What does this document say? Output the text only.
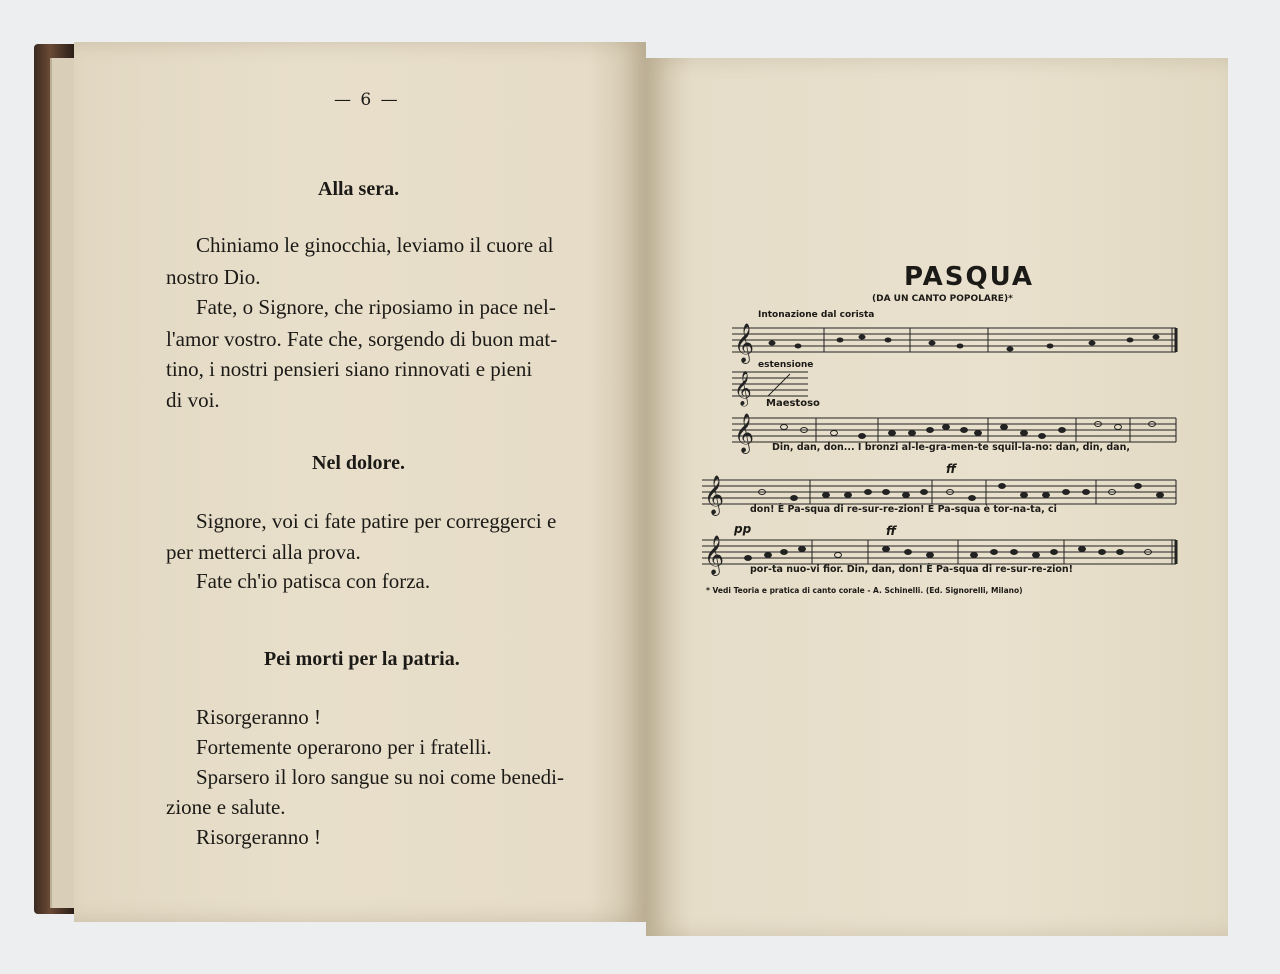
— 6 —
Alla sera.
Chiniamo le ginocchia, leviamo il cuore al
nostro Dio.
Fate, o Signore, che riposiamo in pace nel-
l'amor vostro. Fate che, sorgendo di buon mat-
tino, i nostri pensieri siano rinnovati e pieni
di voi.
Nel dolore.
Signore, voi ci fate patire per correggerci e
per metterci alla prova.
Fate ch'io patisca con forza.
Pei morti per la patria.
Risorgeranno !
Fortemente operarono per i fratelli.
Sparsero il loro sangue su noi come benedi-
zione e salute.
Risorgeranno !
PASQUA
(DA UN CANTO POPOLARE)*
Intonazione dal corista
𝄞
estensione
𝄞 Maestoso
𝄞 Din, dan, don... I bronzi al-le-gra-men-te squil-la-no: dan, din, dan,
ff
𝄞	don! È Pa-squa di re-sur-re-zion! E Pa-squa è tor-na-ta, ci
pp	ff
𝄞	por-ta nuo-vi fior. Din, dan, don! È Pa-squa di re-sur-re-zion!
* Vedi Teoria e pratica di canto corale - A. Schinelli. (Ed. Signorelli, Milano)
